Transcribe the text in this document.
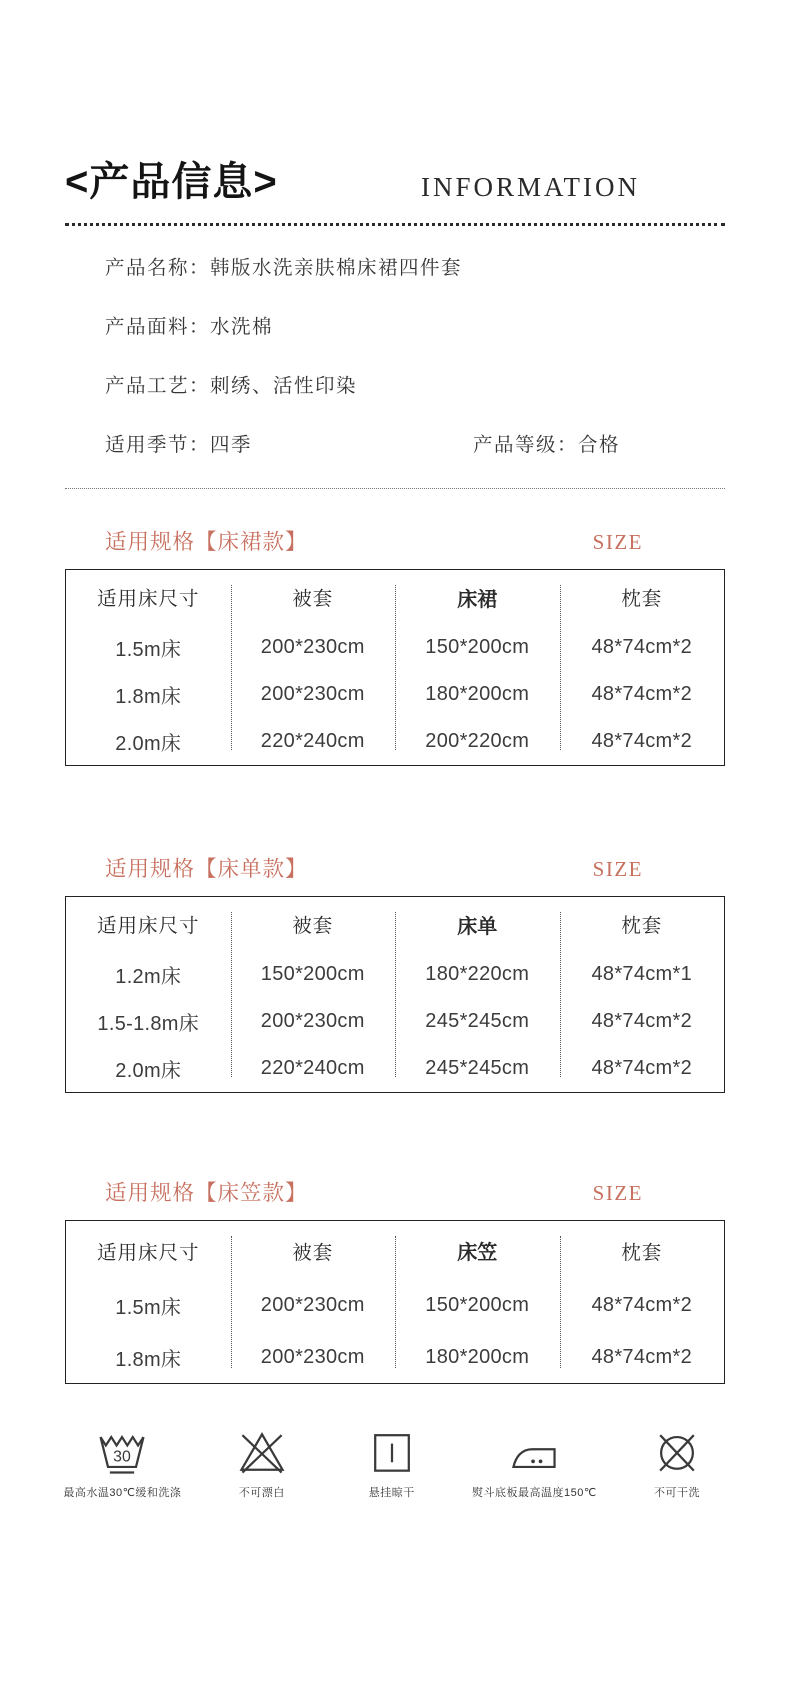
<产品信息>	INFORMATION
产品名称：韩版水洗亲肤棉床裙四件套
产品面料：水洗棉
产品工艺：刺绣、活性印染
适用季节：四季	产品等级：合格
适用规格【床裙款】	SIZE
适用床尺寸	被套	床裙	枕套
1.5m床	200*230cm	150*200cm	48*74cm*2
1.8m床	200*230cm	180*200cm	48*74cm*2
2.0m床	220*240cm	200*220cm	48*74cm*2
适用规格【床单款】	SIZE
适用床尺寸	被套	床单	枕套
1.2m床	150*200cm	180*220cm	48*74cm*1
1.5-1.8m床	200*230cm	245*245cm	48*74cm*2
2.0m床	220*240cm	245*245cm	48*74cm*2
适用规格【床笠款】	SIZE
适用床尺寸	被套	床笠	枕套
1.5m床	200*230cm	150*200cm	48*74cm*2
1.8m床	200*230cm	180*200cm	48*74cm*2
30
最高水温30℃缓和洗涤	不可漂白	悬挂晾干	熨斗底板最高温度150℃	不可干洗
